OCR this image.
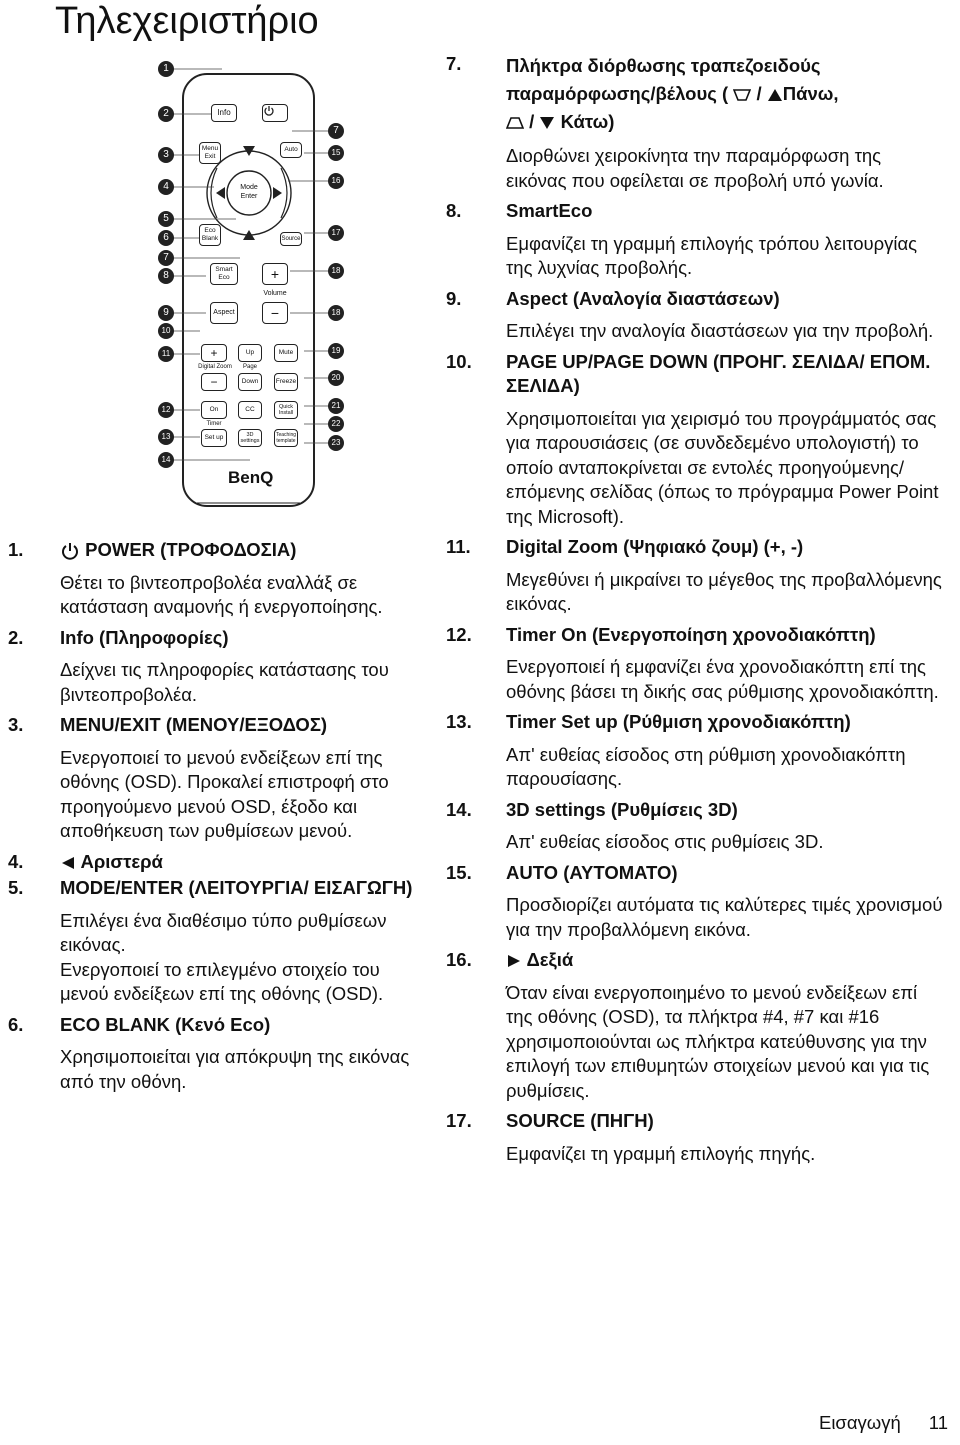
Τηλεχειριστήριο
Info
Menu
Exit
Auto
Mode
Enter
Eco
Blank	Source
Smart
Eco	+
Volume
Aspect	−
+
Digital Zoom
−
Up
Page
Down
Mute
Freeze
On
Timer
Set up
CC
3D
settings
Quick
Install
Teaching
template
BenQ
1
2
3
4
5
6
7
8
9
10
11
12
13
14
7
15
16
17
18
18
19
20
21
22
23
1.	POWER (ΤΡΟΦΟΔΟΣΙΑ)
Θέτει το βιντεοπροβολέα εναλλάξ σε κατάσταση αναμονής ή ενεργοποίησης.
2.	Info (Πληροφορίες)
Δείχνει τις πληροφορίες κατάστασης του βιντεοπροβολέα.
3.	MENU/EXIT (ΜΕΝΟΥ/ΕΞΟΔΟΣ)
Ενεργοποιεί το μενού ενδείξεων επί της οθόνης (OSD). Προκαλεί επιστροφή στο προηγούμενο μενού OSD, έξοδο και αποθήκευση των ρυθμίσεων μενού.
4.	Αριστερά
5.	MODE/ENTER (ΛΕΙΤΟΥΡΓΙΑ/ ΕΙΣΑΓΩΓΗ)
Επιλέγει ένα διαθέσιμο τύπο ρυθμίσεων εικόνας.
Ενεργοποιεί το επιλεγμένο στοιχείο του μενού ενδείξεων επί της οθόνης (OSD).
6.	ECO BLANK (Κενό Eco)
Χρησιμοποιείται για απόκρυψη της εικόνας από την οθόνη.
7.	Πλήκτρα διόρθωσης τραπεζοειδούς παραμόρφωσης/βέλους ( / Πάνω,
/ Κάτω)
Διορθώνει χειροκίνητα την παραμόρφωση της εικόνας που οφείλεται σε προβολή υπό γωνία.
8.	SmartEco
Εμφανίζει τη γραμμή επιλογής τρόπου λειτουργίας της λυχνίας προβολής.
9.	Aspect (Αναλογία διαστάσεων)
Επιλέγει την αναλογία διαστάσεων για την προβολή.
10.	PAGE UP/PAGE DOWN (ΠΡΟΗΓ. ΣΕΛΙΔΑ/ ΕΠΟΜ. ΣΕΛΙΔΑ)
Χρησιμοποιείται για χειρισμό του προγράμματός σας για παρουσιάσεις (σε συνδεδεμένο υπολογιστή) το οποίο ανταποκρίνεται σε εντολές προηγούμενης/ επόμενης σελίδας (όπως το πρόγραμμα Power Point της Microsoft).
11.	Digital Zoom (Ψηφιακό ζουμ) (+, -)
Μεγεθύνει ή μικραίνει το μέγεθος της προβαλλόμενης εικόνας.
12.	Timer On (Ενεργοποίηση χρονοδιακόπτη)
Ενεργοποιεί ή εμφανίζει ένα χρονοδιακόπτη επί της οθόνης βάσει τη δικής σας ρύθμισης χρονοδιακόπτη.
13.	Timer Set up (Ρύθμιση χρονοδιακόπτη)
Απ' ευθείας είσοδος στη ρύθμιση χρονοδιακόπτη παρουσίασης.
14.	3D settings (Ρυθμίσεις 3D)
Απ' ευθείας είσοδος στις ρυθμίσεις 3D.
15.	AUTO (ΑΥΤΟΜΑΤΟ)
Προσδιορίζει αυτόματα τις καλύτερες τιμές χρονισμού για την προβαλλόμενη εικόνα.
16.	Δεξιά
Όταν είναι ενεργοποιημένο το μενού ενδείξεων επί της οθόνης (OSD), τα πλήκτρα #4, #7 και #16 χρησιμοποιούνται ως πλήκτρα κατεύθυνσης για την επιλογή των επιθυμητών στοιχείων μενού και για τις ρυθμίσεις.
17.	SOURCE (ΠΗΓΗ)
Εμφανίζει τη γραμμή επιλογής πηγής.
Εισαγωγή 11
